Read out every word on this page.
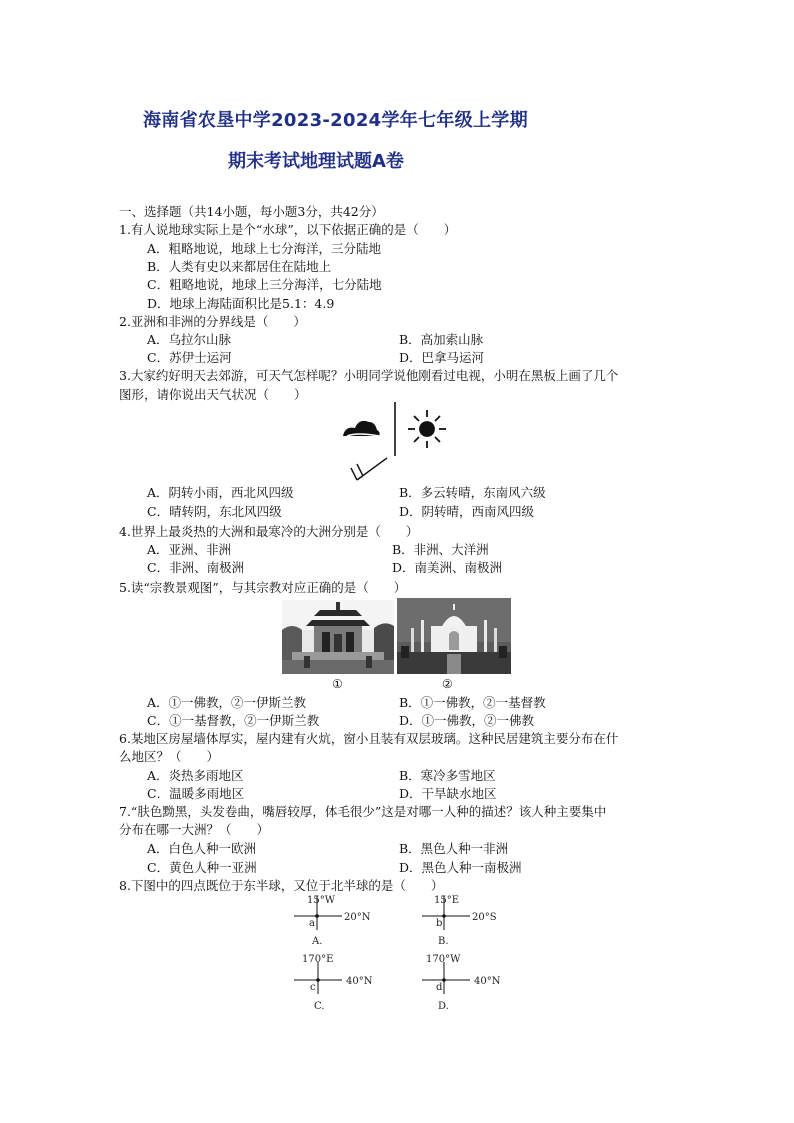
海南省农垦中学2023-2024学年七年级上学期
期末考试地理试题A卷
一、选择题（共14小题，每小题3分，共42分）
1.有人说地球实际上是个“水球”，以下依据正确的是（　　）
A．粗略地说，地球上七分海洋，三分陆地
B．人类有史以来都居住在陆地上
C．粗略地说，地球上三分海洋，七分陆地
D．地球上海陆面积比是5.1：4.9
2.亚洲和非洲的分界线是（　　）
A．乌拉尔山脉	B．高加索山脉
C．苏伊士运河	D．巴拿马运河
3.大家约好明天去郊游，可天气怎样呢？小明同学说他刚看过电视，小明在黑板上画了几个
图形，请你说出天气状况（　　）
A．阴转小雨，西北风四级	B．多云转晴，东南风六级
C．晴转阴，东北风四级	D．阴转晴，西南风四级
4.世界上最炎热的大洲和最寒冷的大洲分别是（　　）
A．亚洲、非洲	B．非洲、大洋洲
C．非洲、南极洲	D．南美洲、南极洲
5.读“宗教景观图”，与其宗教对应正确的是（　　）
①	②
A．①一佛教，②一伊斯兰教	B．①一佛教，②一基督教
C．①一基督教，②一伊斯兰教	D．①一佛教，②一佛教
6.某地区房屋墙体厚实，屋内建有火炕，窗小且装有双层玻璃。这种民居建筑主要分布在什
么地区？（　　）
A．炎热多雨地区	B．寒冷多雪地区
C．温暖多雨地区	D．干旱缺水地区
7.“肤色黝黑，头发卷曲，嘴唇较厚，体毛很少”这是对哪一人种的描述？该人种主要集中
分布在哪一大洲？（　　）
A．白色人种一欧洲	B．黑色人种一非洲
C．黄色人种一亚洲	D．黑色人种一南极洲
8.下图中的四点既位于东半球，又位于北半球的是（　　）
15°W
20°N
a
A.
15°E
20°S
b
B.
170°E
40°N
c
C.
170°W
40°N
d
D.
